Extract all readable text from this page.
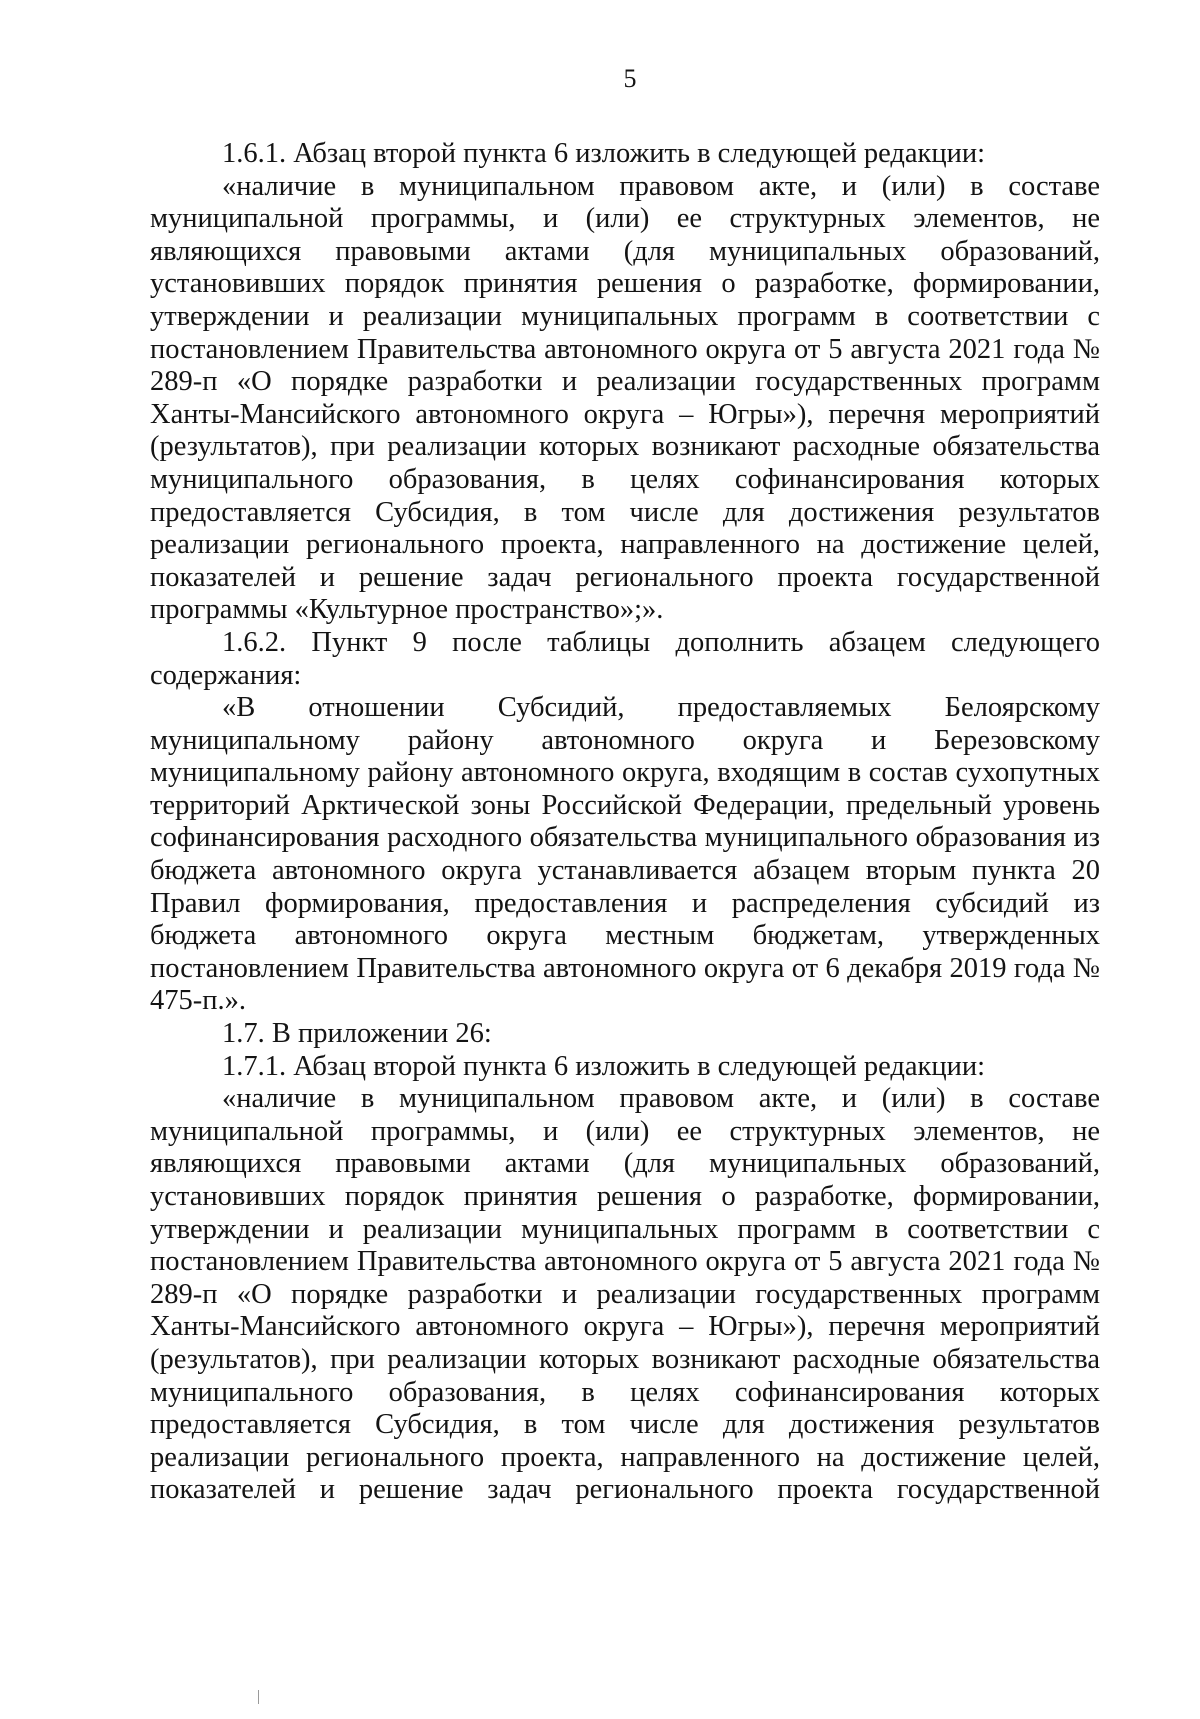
5

1.6.1. Абзац второй пункта 6 изложить в следующей редакции:

«наличие в муниципальном правовом акте, и (или) в составе муниципальной программы, и (или) ее структурных элементов, не являющихся правовыми актами (для муниципальных образований, установивших порядок принятия решения о разработке, формировании, утверждении и реализации муниципальных программ в соответствии с постановлением Правительства автономного округа от 5 августа 2021 года № 289-п «О порядке разработки и реализации государственных программ Ханты-Мансийского автономного округа – Югры»), перечня мероприятий (результатов), при реализации которых возникают расходные обязательства муниципального образования, в целях софинансирования которых предоставляется Субсидия, в том числе для достижения результатов реализации регионального проекта, направленного на достижение целей, показателей и решение задач регионального проекта государственной программы «Культурное пространство»;».

1.6.2. Пункт 9 после таблицы дополнить абзацем следующего содержания:

«В отношении Субсидий, предоставляемых Белоярскому муниципальному району автономного округа и Березовскому муниципальному району автономного округа, входящим в состав сухопутных территорий Арктической зоны Российской Федерации, предельный уровень софинансирования расходного обязательства муниципального образования из бюджета автономного округа устанавливается абзацем вторым пункта 20 Правил формирования, предоставления и распределения субсидий из бюджета автономного округа местным бюджетам, утвержденных постановлением Правительства автономного округа от 6 декабря 2019 года № 475-п.».

1.7. В приложении 26:

1.7.1. Абзац второй пункта 6 изложить в следующей редакции:

«наличие в муниципальном правовом акте, и (или) в составе муниципальной программы, и (или) ее структурных элементов, не являющихся правовыми актами (для муниципальных образований, установивших порядок принятия решения о разработке, формировании, утверждении и реализации муниципальных программ в соответствии с постановлением Правительства автономного округа от 5 августа 2021 года № 289-п «О порядке разработки и реализации государственных программ Ханты-Мансийского автономного округа – Югры»), перечня мероприятий (результатов), при реализации которых возникают расходные обязательства муниципального образования, в целях софинансирования которых предоставляется Субсидия, в том числе для достижения результатов реализации регионального проекта, направленного на достижение целей, показателей и решение задач регионального проекта государственной
